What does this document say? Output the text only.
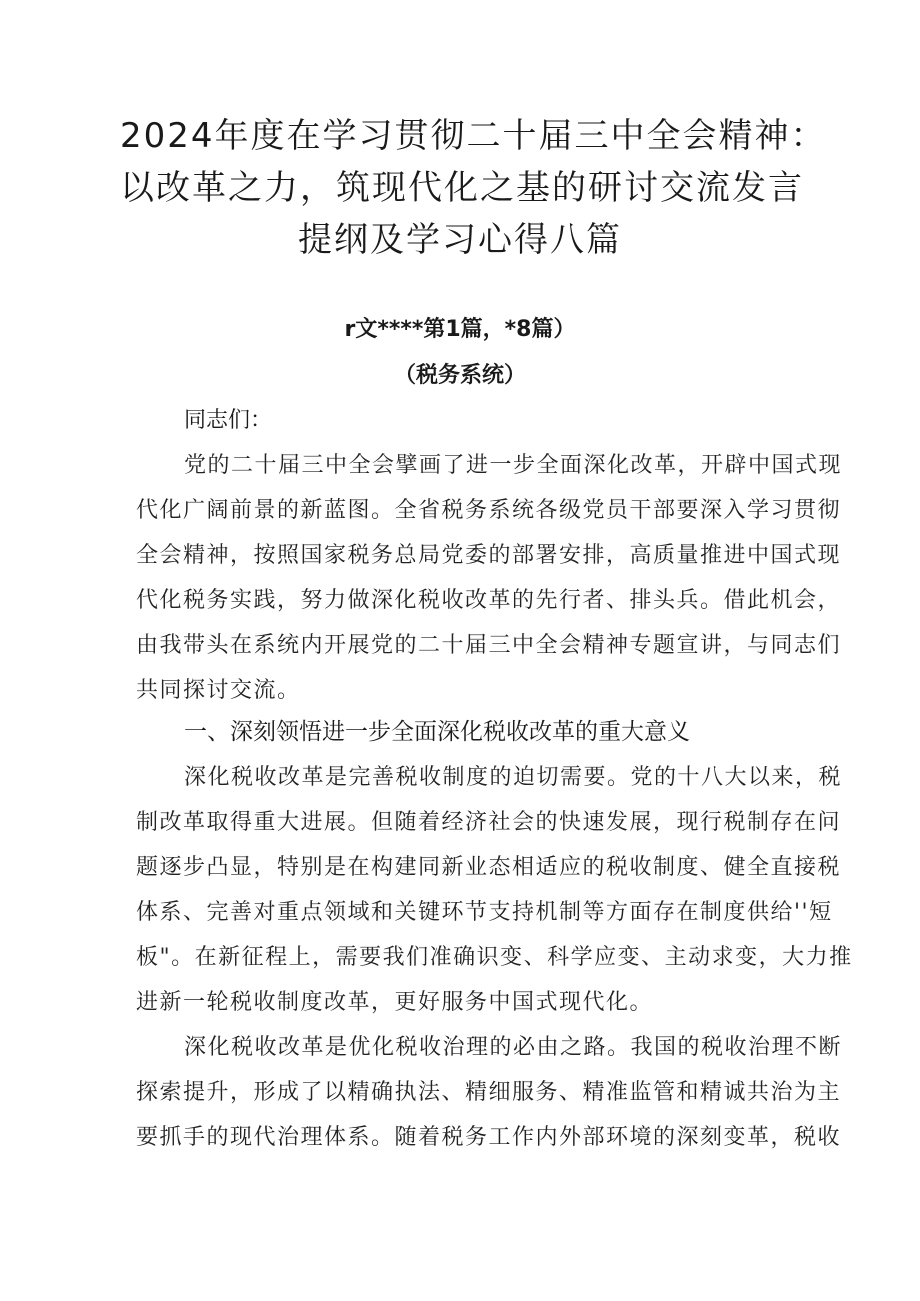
2024年度在学习贯彻二十届三中全会精神：
以改革之力，筑现代化之基的研讨交流发言
提纲及学习心得八篇
r文****第1篇，*8篇）
（税务系统）
同志们：
党的二十届三中全会擘画了进一步全面深化改革，开辟中国式现
代化广阔前景的新蓝图。全省税务系统各级党员干部要深入学习贯彻
全会精神，按照国家税务总局党委的部署安排，高质量推进中国式现
代化税务实践，努力做深化税收改革的先行者、排头兵。借此机会，
由我带头在系统内开展党的二十届三中全会精神专题宣讲，与同志们
共同探讨交流。
一、深刻领悟进一步全面深化税收改革的重大意义
深化税收改革是完善税收制度的迫切需要。党的十八大以来，税
制改革取得重大进展。但随着经济社会的快速发展，现行税制存在问
题逐步凸显，特别是在构建同新业态相适应的税收制度、健全直接税
体系、完善对重点领域和关键环节支持机制等方面存在制度供给''短
板"。在新征程上，需要我们准确识变、科学应变、主动求变，大力推
进新一轮税收制度改革，更好服务中国式现代化。
深化税收改革是优化税收治理的必由之路。我国的税收治理不断
探索提升，形成了以精确执法、精细服务、精准监管和精诚共治为主
要抓手的现代治理体系。随着税务工作内外部环境的深刻变革，税收
